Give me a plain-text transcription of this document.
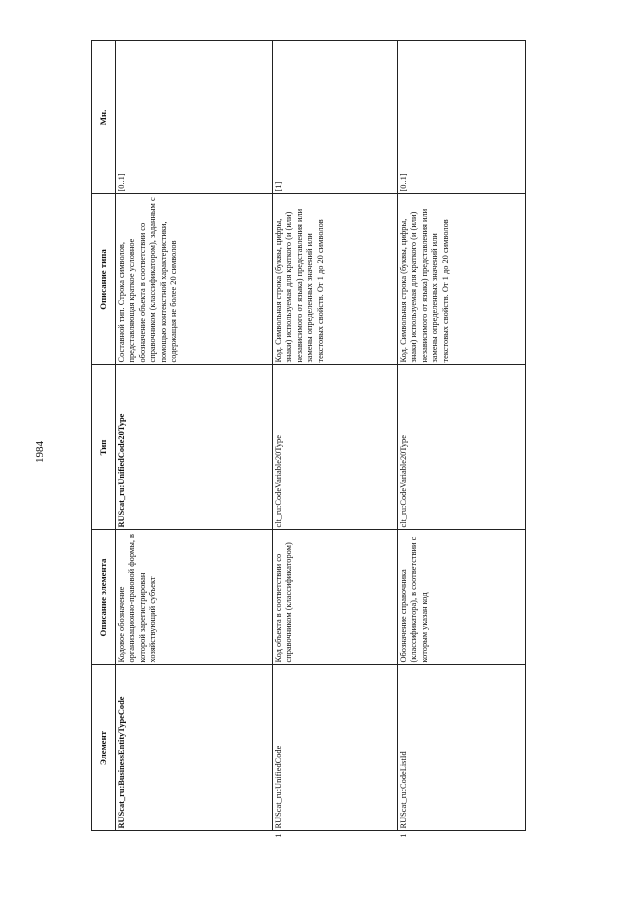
1984
	Элемент	Описание элемента	Тип	Описание типа	Мн.
	RUScat_ru:BusinessEntityTypeCode	Кодовое обозначение организационно-правовой формы, в которой зарегистрирован хозяйствующий субъект	RUScat_ru:UnifiedCode20Type	Составной тип. Строка символов, представляющая краткое условное обозначение объекта в соответствии со справочником (классификатором), заданным с помощью контекстной характеристики, содержащая не более 20 символов	[0..1]
1	RUScat_ru:UnifiedCode	Код объекта в соответствии со справочником (классификатором)	clt_ru:CodeVariable20Type	Код. Символьная строка (буквы, цифры, знаки) используемая для краткого (и (или) независимого от языка) представления или замены определенных значений или текстовых свойств. От 1 до 20 символов	[1]
1	RUScat_ru:CodeListId	Обозначение справочника (классификатора), в соответствии с которым указан код	clt_ru:CodeVariable20Type	Код. Символьная строка (буквы, цифры, знаки) используемая для краткого (и (или) независимого от языка) представления или замены определенных значений или текстовых свойств. От 1 до 20 символов	[0..1]
